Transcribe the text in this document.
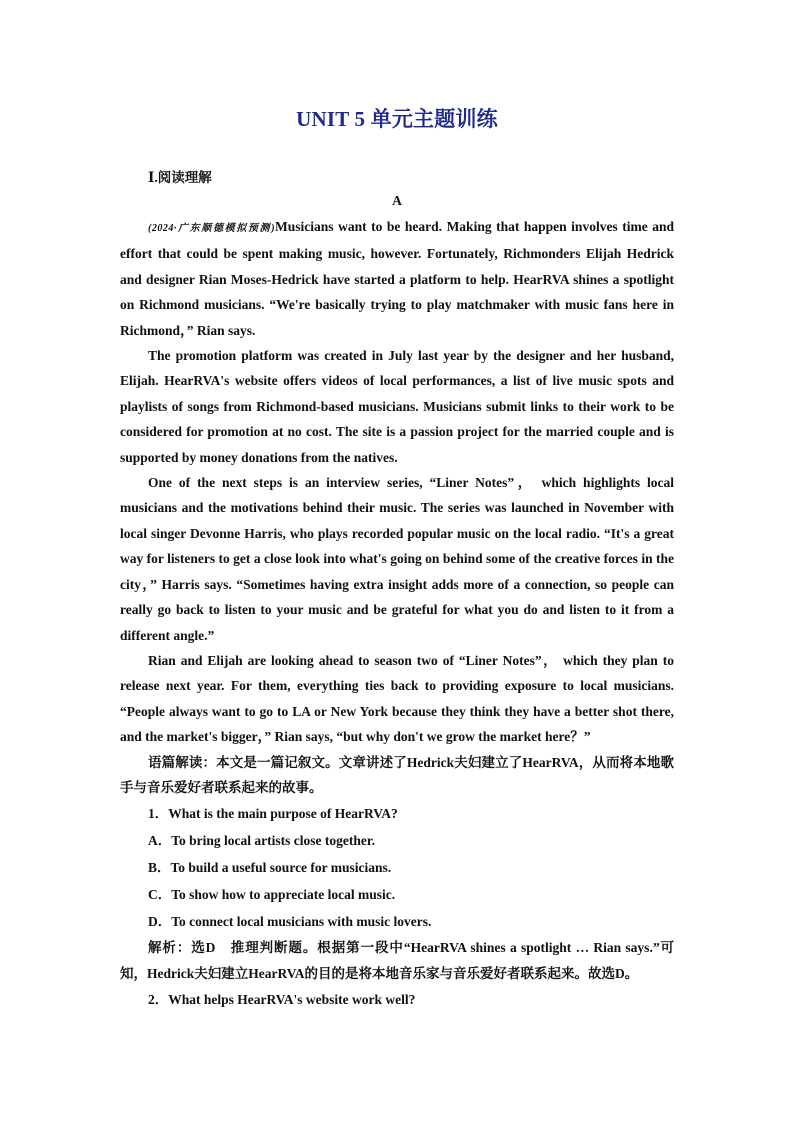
UNIT 5 单元主题训练
Ⅰ.阅读理解
A

(2024·广东顺德模拟预测)Musicians want to be heard. Making that happen involves time and effort that could be spent making music, however. Fortunately, Richmonders Elijah Hedrick and designer Rian Moses-Hedrick have started a platform to help. HearRVA shines a spotlight on Richmond musicians. “We're basically trying to play matchmaker with music fans here in Richmond，” Rian says.

The promotion platform was created in July last year by the designer and her husband, Elijah. HearRVA's website offers videos of local performances, a list of live music spots and playlists of songs from Richmond-based musicians. Musicians submit links to their work to be considered for promotion at no cost. The site is a passion project for the married couple and is supported by money donations from the natives.

One of the next steps is an interview series, “Liner Notes”， which highlights local musicians and the motivations behind their music. The series was launched in November with local singer Devonne Harris, who plays recorded popular music on the local radio. “It's a great way for listeners to get a close look into what's going on behind some of the creative forces in the city，” Harris says. “Sometimes having extra insight adds more of a connection, so people can really go back to listen to your music and be grateful for what you do and listen to it from a different angle.”

Rian and Elijah are looking ahead to season two of “Liner Notes”， which they plan to release next year. For them, everything ties back to providing exposure to local musicians. “People always want to go to LA or New York because they think they have a better shot there, and the market's bigger，” Rian says, “but why don't we grow the market here？”

语篇解读：本文是一篇记叙文。文章讲述了Hedrick夫妇建立了HearRVA，从而将本地歌手与音乐爱好者联系起来的故事。

1．What is the main purpose of HearRVA?

A．To bring local artists close together.

B．To build a useful source for musicians.

C．To show how to appreciate local music.

D．To connect local musicians with music lovers.

解析：选D　推理判断题。根据第一段中“HearRVA shines a spotlight … Rian says.”可知，Hedrick夫妇建立HearRVA的目的是将本地音乐家与音乐爱好者联系起来。故选D。

2．What helps HearRVA's website work well?
